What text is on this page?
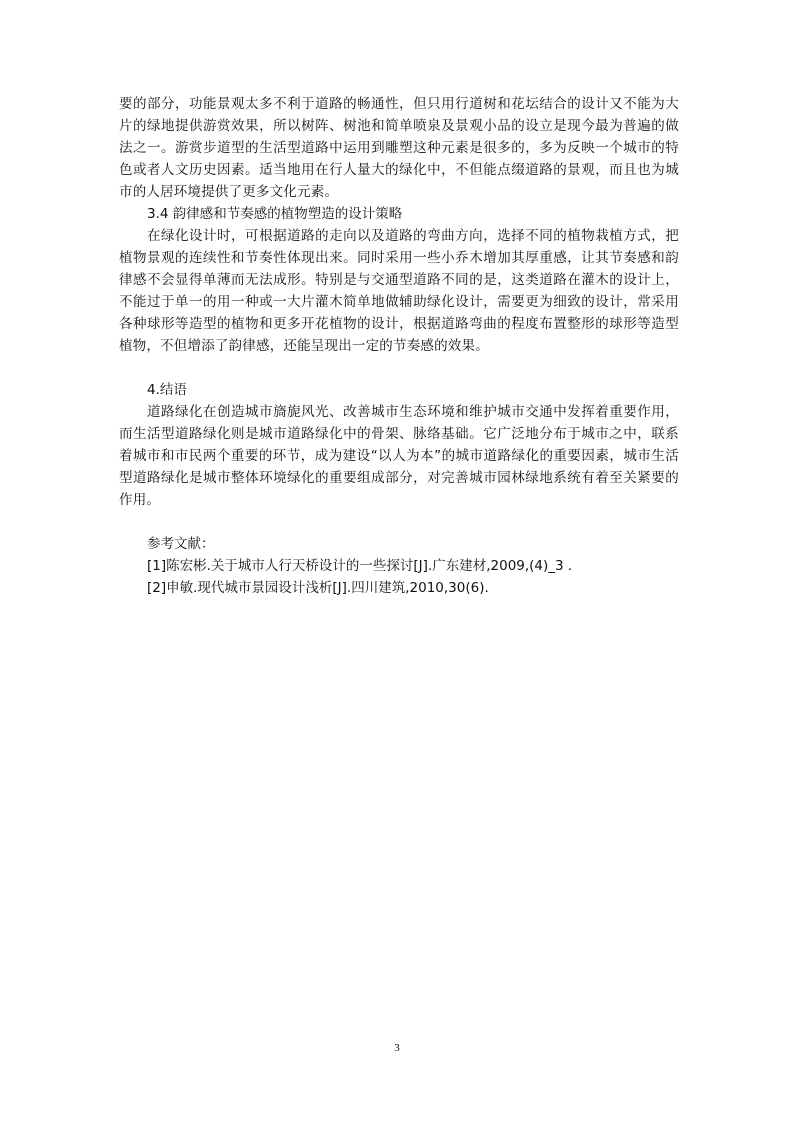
要的部分，功能景观太多不利于道路的畅通性，但只用行道树和花坛结合的设计又不能为大片的绿地提供游赏效果，所以树阵、树池和简单喷泉及景观小品的设立是现今最为普遍的做法之一。游赏步道型的生活型道路中运用到雕塑这种元素是很多的，多为反映一个城市的特色或者人文历史因素。适当地用在行人量大的绿化中，不但能点缀道路的景观，而且也为城市的人居环境提供了更多文化元素。

3.4 韵律感和节奏感的植物塑造的设计策略

在绿化设计时，可根据道路的走向以及道路的弯曲方向，选择不同的植物栽植方式，把植物景观的连续性和节奏性体现出来。同时采用一些小乔木增加其厚重感，让其节奏感和韵律感不会显得单薄而无法成形。特别是与交通型道路不同的是，这类道路在灌木的设计上，不能过于单一的用一种或一大片灌木简单地做辅助绿化设计，需要更为细致的设计，常采用各种球形等造型的植物和更多开花植物的设计，根据道路弯曲的程度布置整形的球形等造型植物，不但增添了韵律感，还能呈现出一定的节奏感的效果。

4.结语

道路绿化在创造城市旖旎风光、改善城市生态环境和维护城市交通中发挥着重要作用，而生活型道路绿化则是城市道路绿化中的骨架、脉络基础。它广泛地分布于城市之中，联系着城市和市民两个重要的环节，成为建设“以人为本”的城市道路绿化的重要因素，城市生活型道路绿化是城市整体环境绿化的重要组成部分，对完善城市园林绿地系统有着至关紧要的作用。

参考文献：

[1]陈宏彬.关于城市人行天桥设计的一些探讨[J].广东建材,2009,(4)_3 .

[2]申敏.现代城市景园设计浅析[J].四川建筑,2010,30(6).

3
